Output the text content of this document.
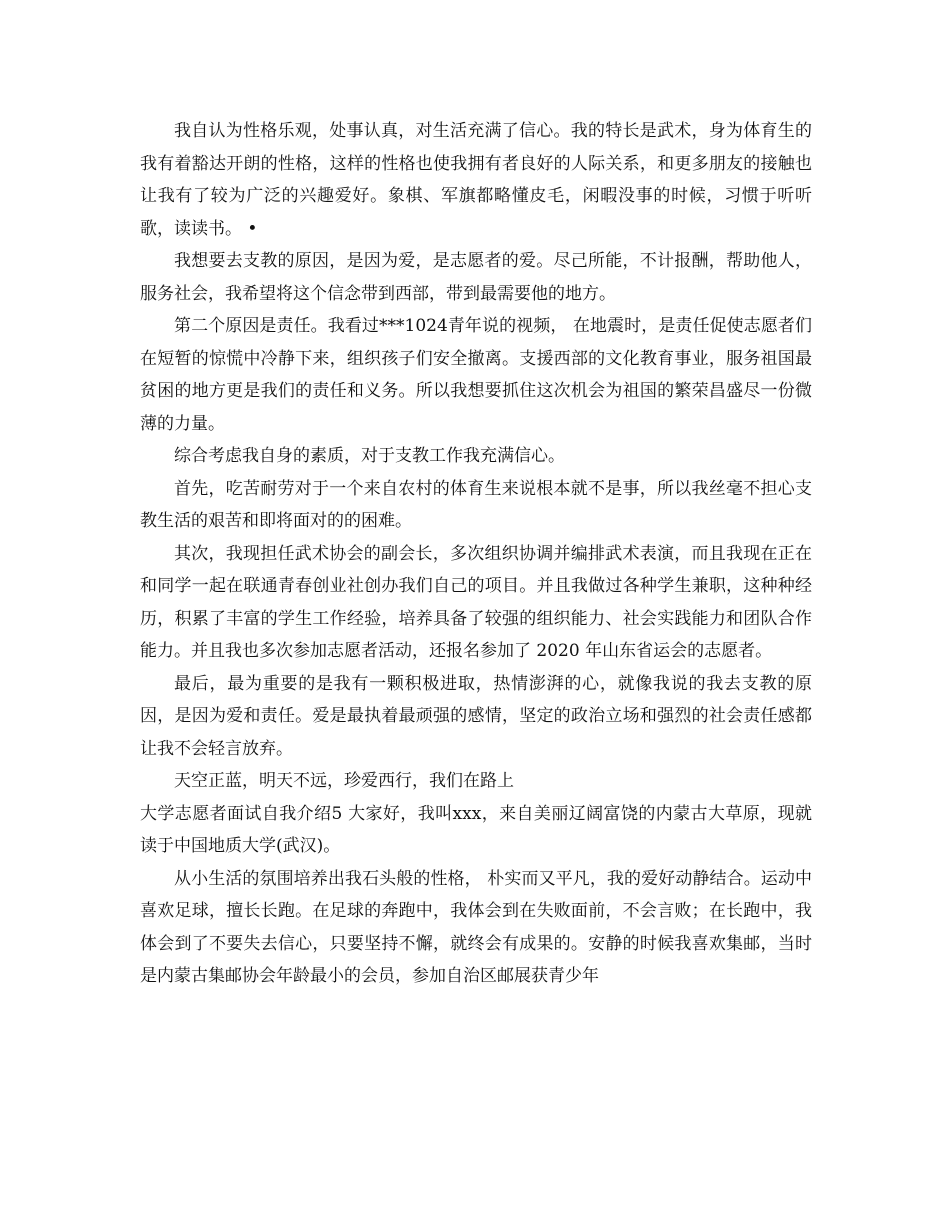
我自认为性格乐观，处事认真，对生活充满了信心。我的特长是武术，身为体育生的我有着豁达开朗的性格，这样的性格也使我拥有者良好的人际关系，和更多朋友的接触也让我有了较为广泛的兴趣爱好。象棋、军旗都略懂皮毛，闲暇没事的时候，习惯于听听歌，读读书。 •

我想要去支教的原因，是因为爱，是志愿者的爱。尽己所能，不计报酬，帮助他人，服务社会，我希望将这个信念带到西部，带到最需要他的地方。

第二个原因是责任。我看过***1024青年说的视频， 在地震时，是责任促使志愿者们在短暂的惊慌中冷静下来，组织孩子们安全撤离。支援西部的文化教育事业，服务祖国最贫困的地方更是我们的责任和义务。所以我想要抓住这次机会为祖国的繁荣昌盛尽一份微薄的力量。

综合考虑我自身的素质，对于支教工作我充满信心。

首先，吃苦耐劳对于一个来自农村的体育生来说根本就不是事，所以我丝毫不担心支教生活的艰苦和即将面对的的困难。

其次，我现担任武术协会的副会长，多次组织协调并编排武术表演，而且我现在正在和同学一起在联通青春创业社创办我们自己的项目。并且我做过各种学生兼职，这种种经历，积累了丰富的学生工作经验，培养具备了较强的组织能力、社会实践能力和团队合作能力。并且我也多次参加志愿者活动，还报名参加了 2020 年山东省运会的志愿者。

最后，最为重要的是我有一颗积极进取，热情澎湃的心，就像我说的我去支教的原因，是因为爱和责任。爱是最执着最顽强的感情，坚定的政治立场和强烈的社会责任感都让我不会轻言放弃。

天空正蓝，明天不远，珍爱西行，我们在路上

大学志愿者面试自我介绍5 大家好，我叫xxx，来自美丽辽阔富饶的内蒙古大草原，现就读于中国地质大学(武汉)。

从小生活的氛围培养出我石头般的性格， 朴实而又平凡，我的爱好动静结合。运动中喜欢足球，擅长长跑。在足球的奔跑中，我体会到在失败面前，不会言败；在长跑中，我体会到了不要失去信心，只要坚持不懈，就终会有成果的。安静的时候我喜欢集邮，当时是内蒙古集邮协会年龄最小的会员，参加自治区邮展获青少年
